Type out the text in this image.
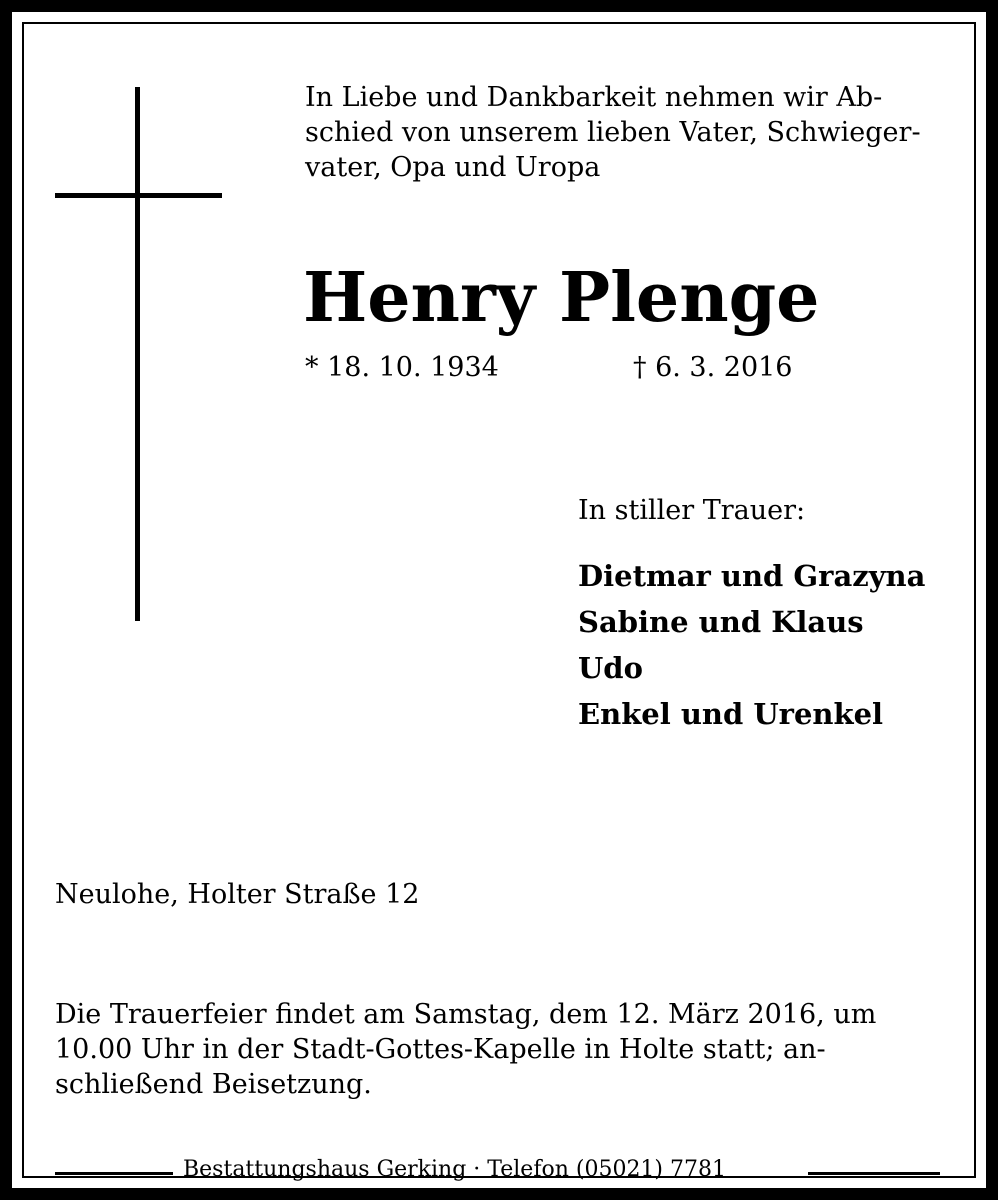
In Liebe und Dankbarkeit nehmen wir Ab-
schied von unserem lieben Vater, Schwieger-
vater, Opa und Uropa
Henry Plenge
* 18. 10. 1934	† 6. 3. 2016
In stiller Trauer:
Dietmar und Grazyna
Sabine und Klaus
Udo
Enkel und Urenkel
Neulohe, Holter Straße 12
Die Trauerfeier findet am Samstag, dem 12. März 2016, um
10.00 Uhr in der Stadt-Gottes-Kapelle in Holte statt; an-
schließend Beisetzung.
Bestattungshaus Gerking · Telefon (05021) 7781
